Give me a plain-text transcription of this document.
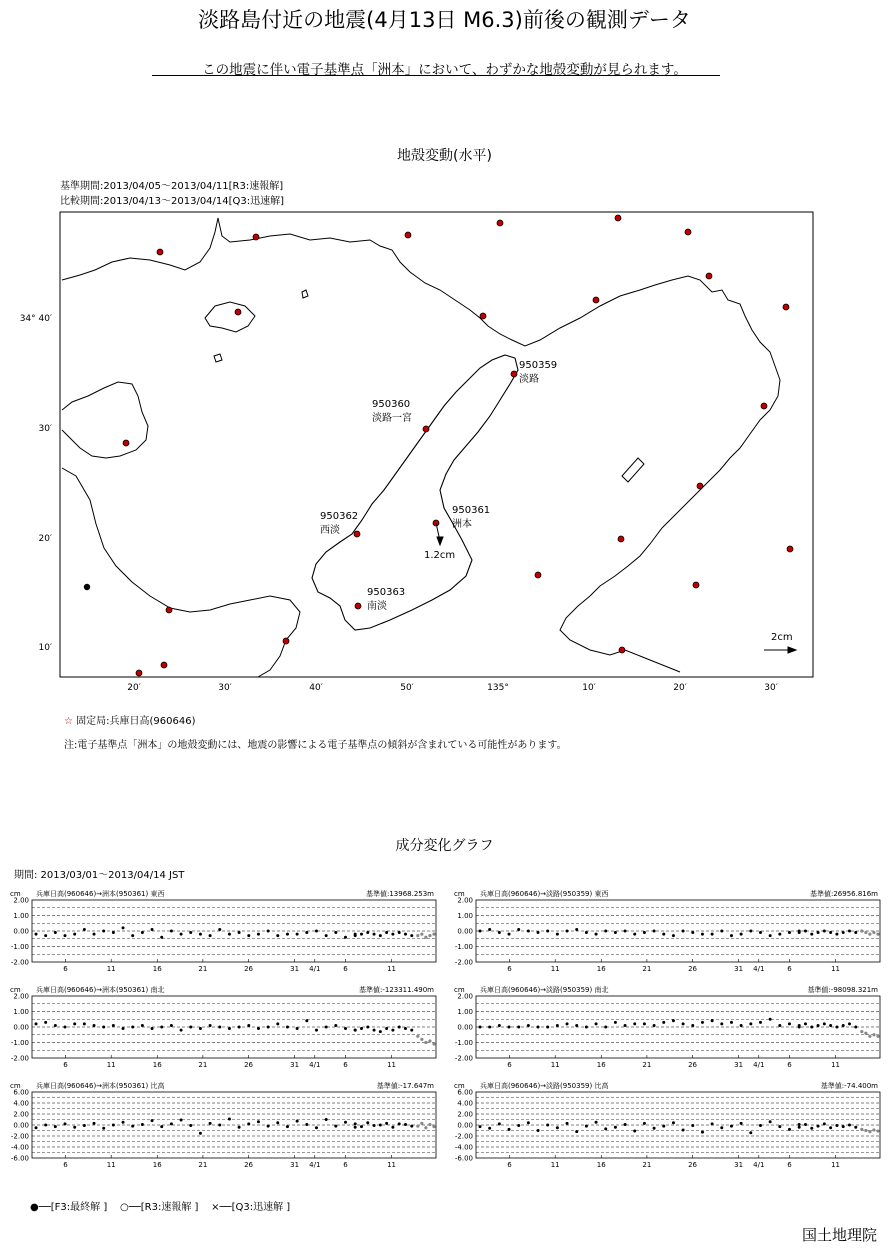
淡路島付近の地震(4月13日 M6.3)前後の観測データ
この地震に伴い電子基準点「洲本」において、わずかな地殻変動が見られます。
地殻変動(水平)
基準期間:2013/04/05～2013/04/11[R3:速報解]
比較期間:2013/04/13～2013/04/14[Q3:迅速解]
950359
淡路
950360
淡路一宮
950361
洲本
950362
西淡
950363
南淡
1.2cm
2cm
34° 40′
30′
20′
10′
20′	30′	40′	50′	135°	10′	20′	30′
☆ 固定局:兵庫日高(960646)
注:電子基準点「洲本」の地殻変動には、地震の影響による電子基準点の傾斜が含まれている可能性があります。
成分変化グラフ
期間: 2013/03/01～2013/04/14 JST
兵庫日高(960646)→洲本(950361) 東西	基準値:13968.253m
cm
2.00
1.00
0.00
-1.00
-2.00
6	11	16	21	26	31 4/1	6	11
兵庫日高(960646)→淡路(950359) 東西	基準値:26956.816m
cm
2.00
1.00
0.00
-1.00
-2.00
6	11	16	21	26	31 4/1	6	11
兵庫日高(960646)→洲本(950361) 南北	基準値:-123311.490m
cm
2.00
1.00
0.00
-1.00
-2.00
6	11	16	21	26	31 4/1	6	11
兵庫日高(960646)→淡路(950359) 南北	基準値:-98098.321m
cm
2.00
1.00
0.00
-1.00
-2.00
6	11	16	21	26	31 4/1	6	11
兵庫日高(960646)→洲本(950361) 比高	基準値:-17.647m
cm
6.00
4.00
2.00
0.00
-2.00
-4.00
-6.00
6	11	16	21	26	31 4/1	6	11
兵庫日高(960646)→淡路(950359) 比高	基準値:-74.400m
cm
6.00
4.00
2.00
0.00
-2.00
-4.00
-6.00
6	11	16	21	26	31 4/1	6	11
●──[F3:最終解 ] ○──[R3:速報解 ] ×──[Q3:迅速解 ]
国土地理院
